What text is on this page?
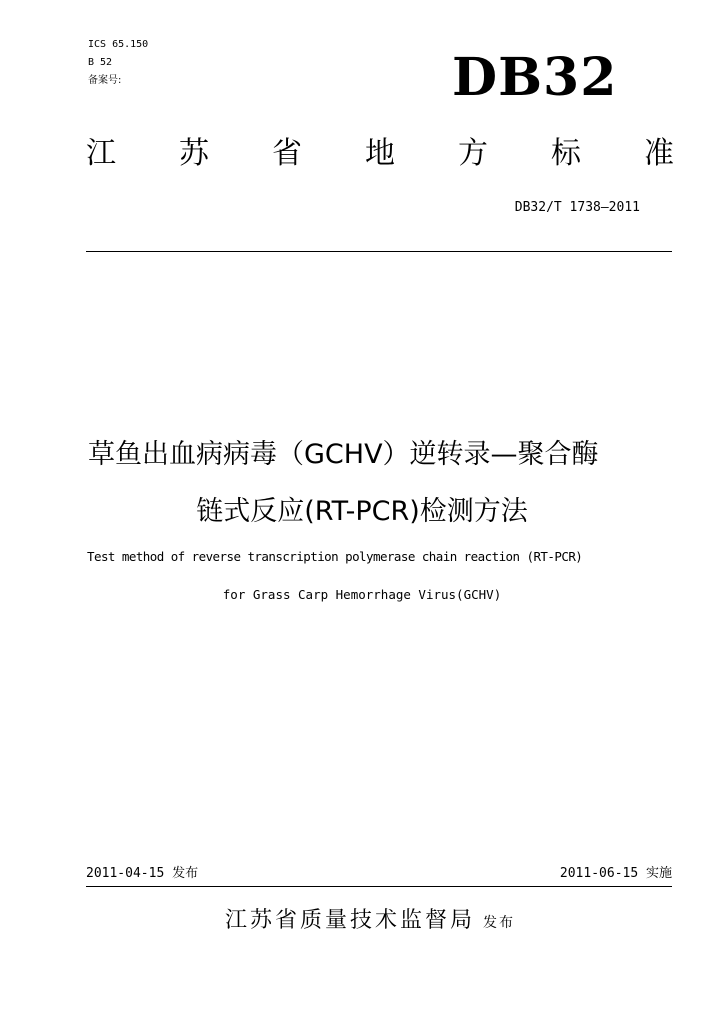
ICS 65.150
B 52
备案号:	DB32
江 苏 省 地 方 标 准
DB32/T 1738—2011
草鱼出血病病毒（GCHV）逆转录—聚合酶
链式反应(RT-PCR)检测方法
Test method of reverse transcription polymerase chain reaction (RT-PCR)
for Grass Carp Hemorrhage Virus(GCHV)
2011-04-15 发布	2011-06-15 实施
江苏省质量技术监督局 发布
